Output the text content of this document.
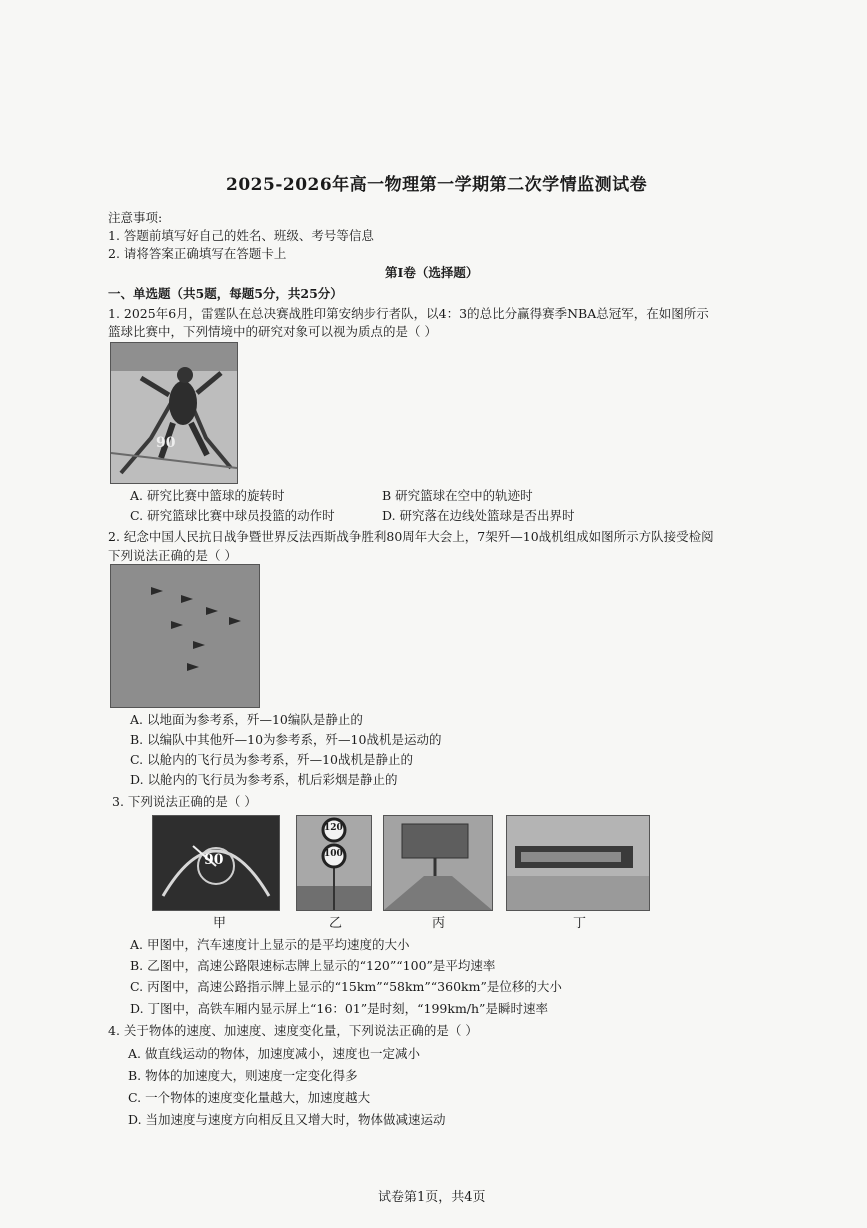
2025-2026年高一物理第一学期第二次学情监测试卷
注意事项:
1. 答题前填写好自己的姓名、班级、考号等信息
2. 请将答案正确填写在答题卡上
第Ⅰ卷（选择题）
一、单选题（共5题，每题5分，共25分）
1. 2025年6月，雷霆队在总决赛战胜印第安纳步行者队，以4：3的总比分赢得赛季NBA总冠军，在如图所示
篮球比赛中，下列情境中的研究对象可以视为质点的是（ ）
90
A. 研究比赛中篮球的旋转时	B 研究篮球在空中的轨迹时
C. 研究篮球比赛中球员投篮的动作时	D. 研究落在边线处篮球是否出界时
2. 纪念中国人民抗日战争暨世界反法西斯战争胜利80周年大会上，7架歼—10战机组成如图所示方队接受检阅
下列说法正确的是（ ）
A. 以地面为参考系，歼—10编队是静止的
B. 以编队中其他歼—10为参考系，歼—10战机是运动的
C. 以舱内的飞行员为参考系，歼—10战机是静止的
D. 以舱内的飞行员为参考系，机后彩烟是静止的
3. 下列说法正确的是（ ）
90
甲
120
100
乙	丙	丁
A. 甲图中，汽车速度计上显示的是平均速度的大小
B. 乙图中，高速公路限速标志牌上显示的“120”“100”是平均速率
C. 丙图中，高速公路指示牌上显示的“15km”“58km”“360km”是位移的大小
D. 丁图中，高铁车厢内显示屏上“16：01”是时刻，“199km/h”是瞬时速率
4. 关于物体的速度、加速度、速度变化量，下列说法正确的是（ ）
A. 做直线运动的物体，加速度减小，速度也一定减小
B. 物体的加速度大，则速度一定变化得多
C. 一个物体的速度变化量越大，加速度越大
D. 当加速度与速度方向相反且又增大时，物体做减速运动
试卷第1页，共4页
